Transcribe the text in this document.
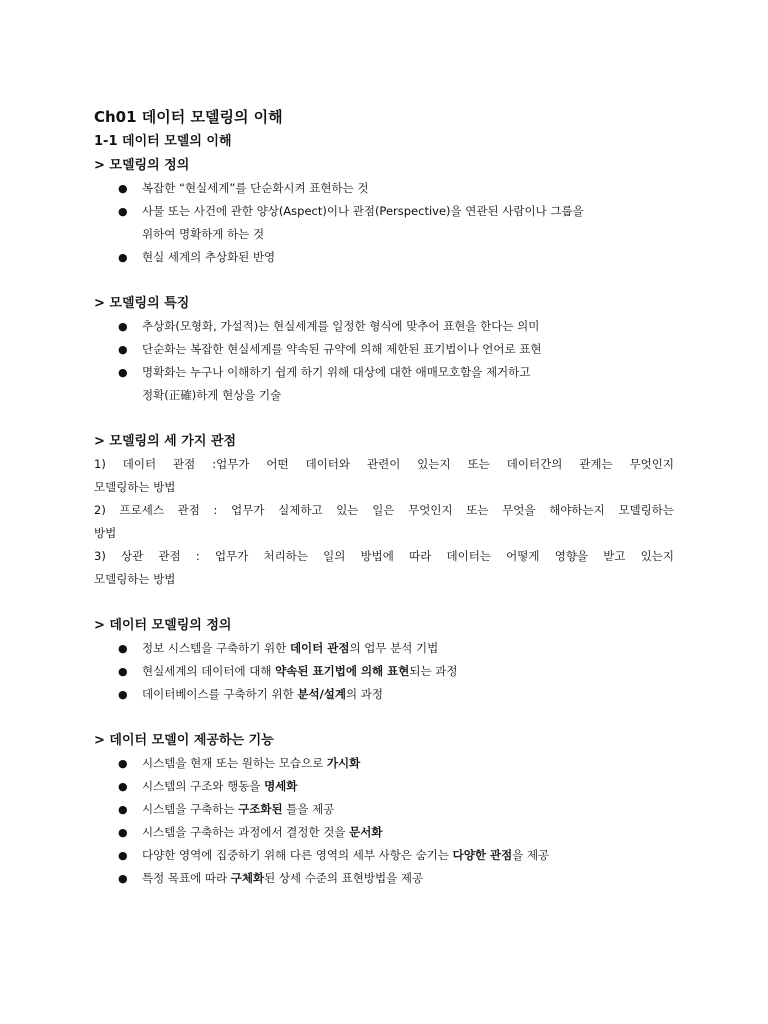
Ch01 데이터 모델링의 이해
1-1 데이터 모델의 이해
> 모델링의 정의
● 복잡한 “현실세계”를 단순화시켜 표현하는 것
● 사물 또는 사건에 관한 양상(Aspect)이나 관점(Perspective)을 연관된 사람이나 그룹을
위하여 명확하게 하는 것
● 현실 세계의 추상화된 반영
> 모델링의 특징
● 추상화(모형화, 가설적)는 현실세계를 일정한 형식에 맞추어 표현을 한다는 의미
● 단순화는 복잡한 현실세계를 약속된 규약에 의해 제한된 표기법이나 언어로 표현
● 명확화는 누구나 이해하기 쉽게 하기 위해 대상에 대한 애매모호함을 제거하고
정확(正確)하게 현상을 기술
> 모델링의 세 가지 관점
1) 데이터 관점 :업무가 어떤 데이터와 관련이 있는지 또는 데이터간의 관계는 무엇인지
모델링하는 방법
2) 프로세스 관점 : 업무가 실제하고 있는 일은 무엇인지 또는 무엇을 해야하는지 모델링하는
방법
3) 상관 관점 : 업무가 처리하는 일의 방법에 따라 데이터는 어떻게 영향을 받고 있는지
모델링하는 방법
> 데이터 모델링의 정의
● 정보 시스템을 구축하기 위한 데이터 관점의 업무 분석 기법
● 현실세계의 데이터에 대해 약속된 표기법에 의해 표현되는 과정
● 데이터베이스를 구축하기 위한 분석/설계의 과정
> 데이터 모델이 제공하는 기능
● 시스템을 현재 또는 원하는 모습으로 가시화
● 시스템의 구조와 행동을 명세화
● 시스템을 구축하는 구조화된 틀을 제공
● 시스템을 구축하는 과정에서 결정한 것을 문서화
● 다양한 영역에 집중하기 위해 다른 영역의 세부 사항은 숨기는 다양한 관점을 제공
● 특정 목표에 따라 구체화된 상세 수준의 표현방법을 제공
